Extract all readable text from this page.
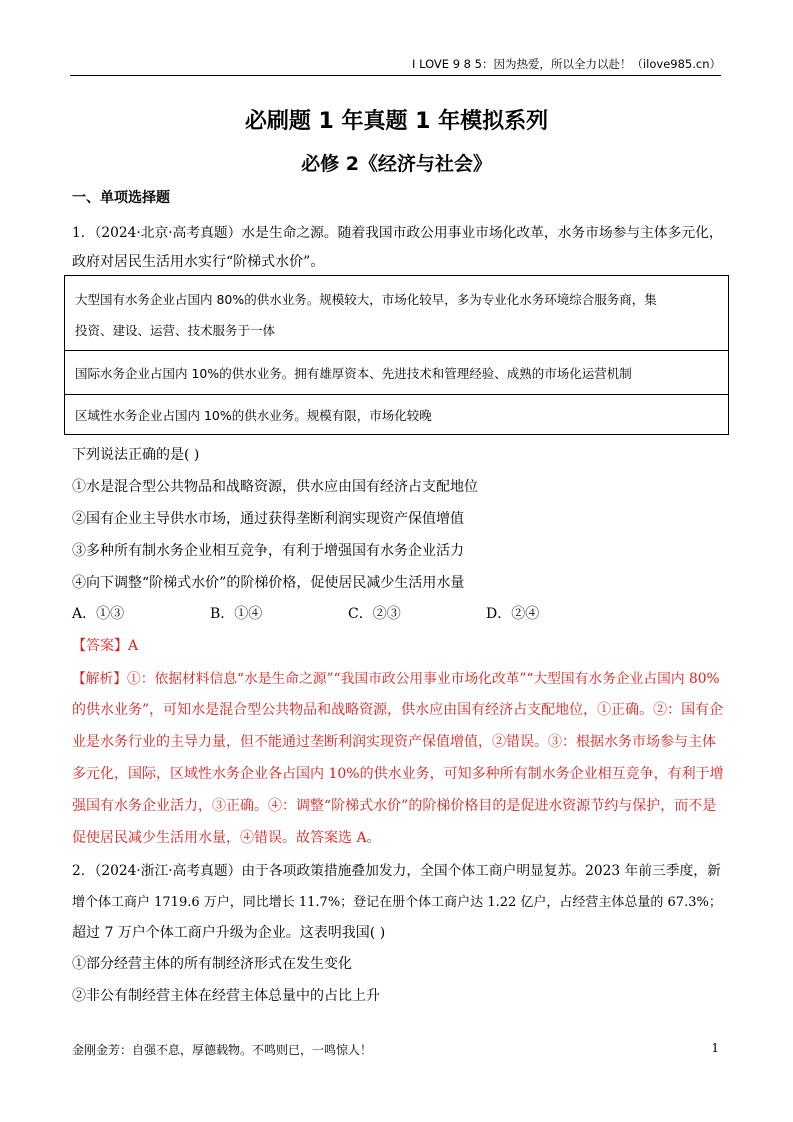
I LOVE 9 8 5：因为热爱，所以全力以赴！（ilove985.cn）
必刷题 1 年真题 1 年模拟系列
必修 2《经济与社会》
一、单项选择题
1．（2024·北京·高考真题）水是生命之源。随着我国市政公用事业市场化改革，水务市场参与主体多元化，
政府对居民生活用水实行“阶梯式水价”。
大型国有水务企业占国内 80%的供水业务。规模较大，市场化较早，多为专业化水务环境综合服务商，集
投资、建设、运营、技术服务于一体
国际水务企业占国内 10%的供水业务。拥有雄厚资本、先进技术和管理经验、成熟的市场化运营机制
区域性水务企业占国内 10%的供水业务。规模有限，市场化较晚
下列说法正确的是( )
①水是混合型公共物品和战略资源，供水应由国有经济占支配地位
②国有企业主导供水市场，通过获得垄断利润实现资产保值增值
③多种所有制水务企业相互竞争，有利于增强国有水务企业活力
④向下调整“阶梯式水价”的阶梯价格，促使居民减少生活用水量
A．①③	B．①④	C．②③	D．②④
【答案】A
【解析】①：依据材料信息“水是生命之源”“我国市政公用事业市场化改革”“大型国有水务企业占国内 80%
的供水业务”，可知水是混合型公共物品和战略资源，供水应由国有经济占支配地位，①正确。②：国有企
业是水务行业的主导力量，但不能通过垄断利润实现资产保值增值，②错误。③：根据水务市场参与主体
多元化，国际，区域性水务企业各占国内 10%的供水业务，可知多种所有制水务企业相互竞争，有利于增
强国有水务企业活力，③正确。④：调整“阶梯式水价”的阶梯价格目的是促进水资源节约与保护，而不是
促使居民减少生活用水量，④错误。故答案选 A。
2．（2024·浙江·高考真题）由于各项政策措施叠加发力，全国个体工商户明显复苏。2023 年前三季度，新
增个体工商户 1719.6 万户，同比增长 11.7%；登记在册个体工商户达 1.22 亿户，占经营主体总量的 67.3%；
超过 7 万户个体工商户升级为企业。这表明我国( )
①部分经营主体的所有制经济形式在发生变化
②非公有制经营主体在经营主体总量中的占比上升
金刚金芳：自强不息，厚德载物。不鸣则已，一鸣惊人！	1
